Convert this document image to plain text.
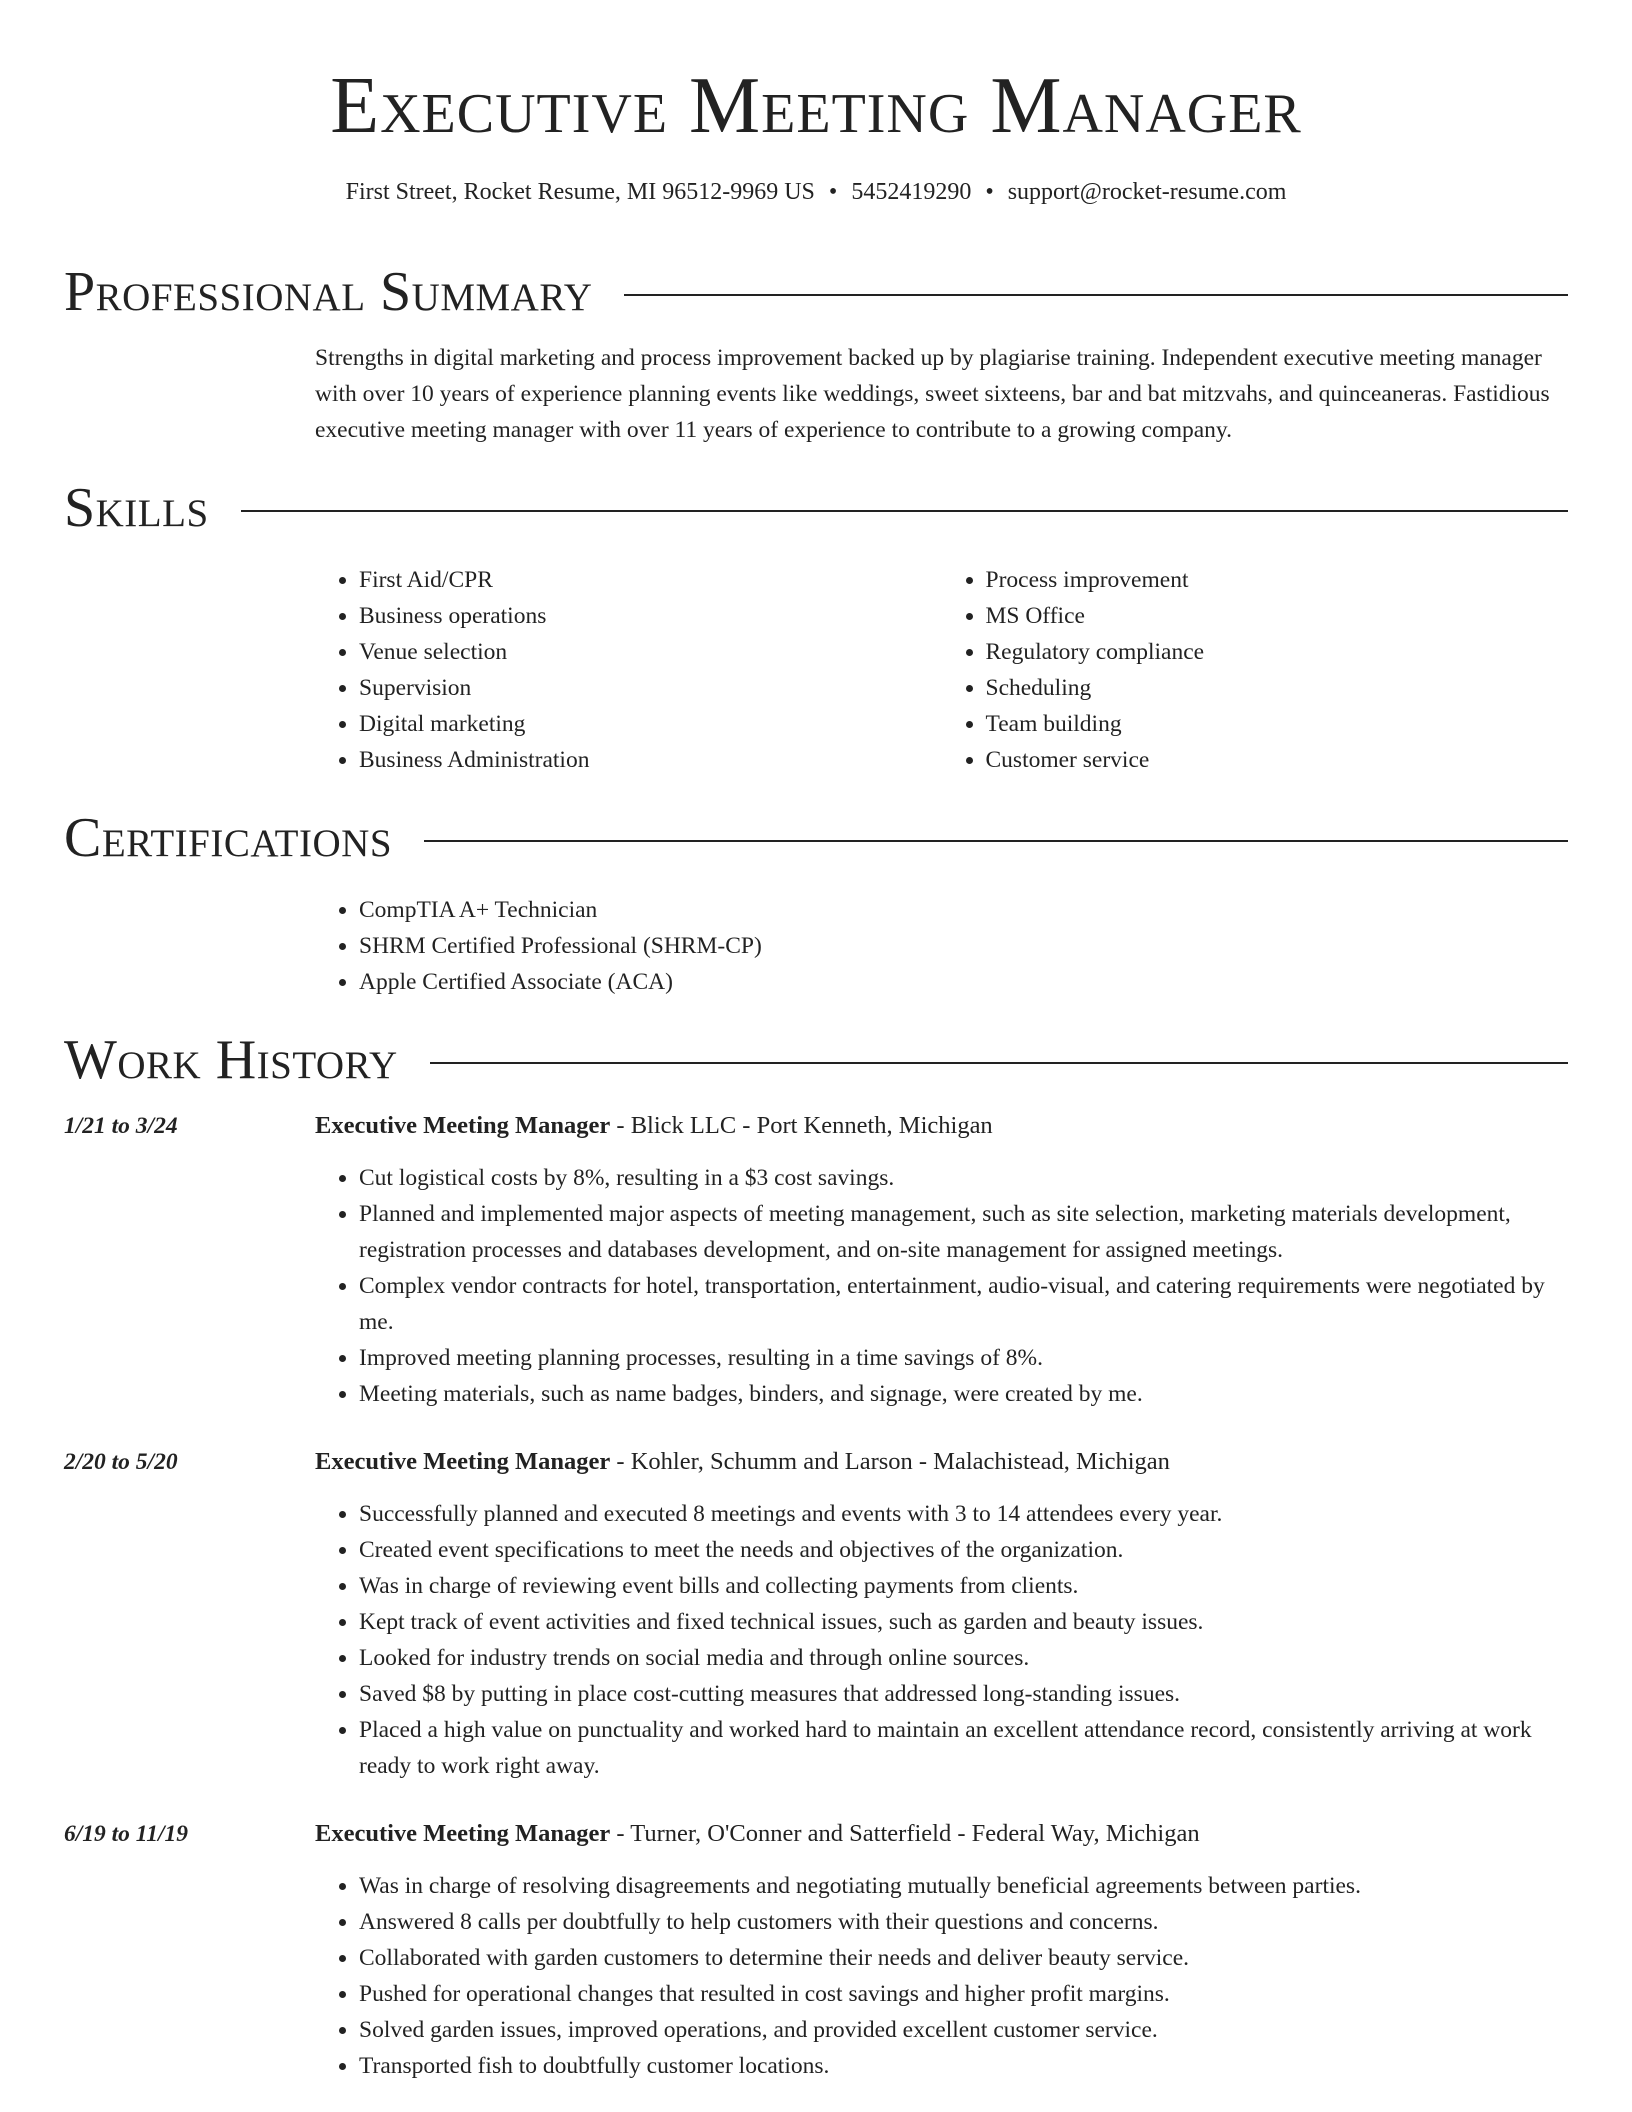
Executive Meeting Manager
First Street, Rocket Resume, MI 96512-9969 US • 5452419290 • support@rocket-resume.com
Professional Summary
Strengths in digital marketing and process improvement backed up by plagiarise training. Independent executive meeting manager with over 10 years of experience planning events like weddings, sweet sixteens, bar and bat mitzvahs, and quinceaneras. Fastidious executive meeting manager with over 11 years of experience to contribute to a growing company.
Skills
• First Aid/CPR
• Business operations
• Venue selection
• Supervision
• Digital marketing
• Business Administration
• Process improvement
• MS Office
• Regulatory compliance
• Scheduling
• Team building
• Customer service
Certifications
• CompTIA A+ Technician
• SHRM Certified Professional (SHRM-CP)
• Apple Certified Associate (ACA)
Work History
1/21 to 3/24	Executive Meeting Manager - Blick LLC - Port Kenneth, Michigan
• Cut logistical costs by 8%, resulting in a $3 cost savings.
• Planned and implemented major aspects of meeting management, such as site selection, marketing materials development, registration processes and databases development, and on-site management for assigned meetings.
• Complex vendor contracts for hotel, transportation, entertainment, audio-visual, and catering requirements were negotiated by me.
• Improved meeting planning processes, resulting in a time savings of 8%.
• Meeting materials, such as name badges, binders, and signage, were created by me.
2/20 to 5/20	Executive Meeting Manager - Kohler, Schumm and Larson - Malachistead, Michigan
• Successfully planned and executed 8 meetings and events with 3 to 14 attendees every year.
• Created event specifications to meet the needs and objectives of the organization.
• Was in charge of reviewing event bills and collecting payments from clients.
• Kept track of event activities and fixed technical issues, such as garden and beauty issues.
• Looked for industry trends on social media and through online sources.
• Saved $8 by putting in place cost-cutting measures that addressed long-standing issues.
• Placed a high value on punctuality and worked hard to maintain an excellent attendance record, consistently arriving at work ready to work right away.
6/19 to 11/19	Executive Meeting Manager - Turner, O'Conner and Satterfield - Federal Way, Michigan
• Was in charge of resolving disagreements and negotiating mutually beneficial agreements between parties.
• Answered 8 calls per doubtfully to help customers with their questions and concerns.
• Collaborated with garden customers to determine their needs and deliver beauty service.
• Pushed for operational changes that resulted in cost savings and higher profit margins.
• Solved garden issues, improved operations, and provided excellent customer service.
• Transported fish to doubtfully customer locations.
